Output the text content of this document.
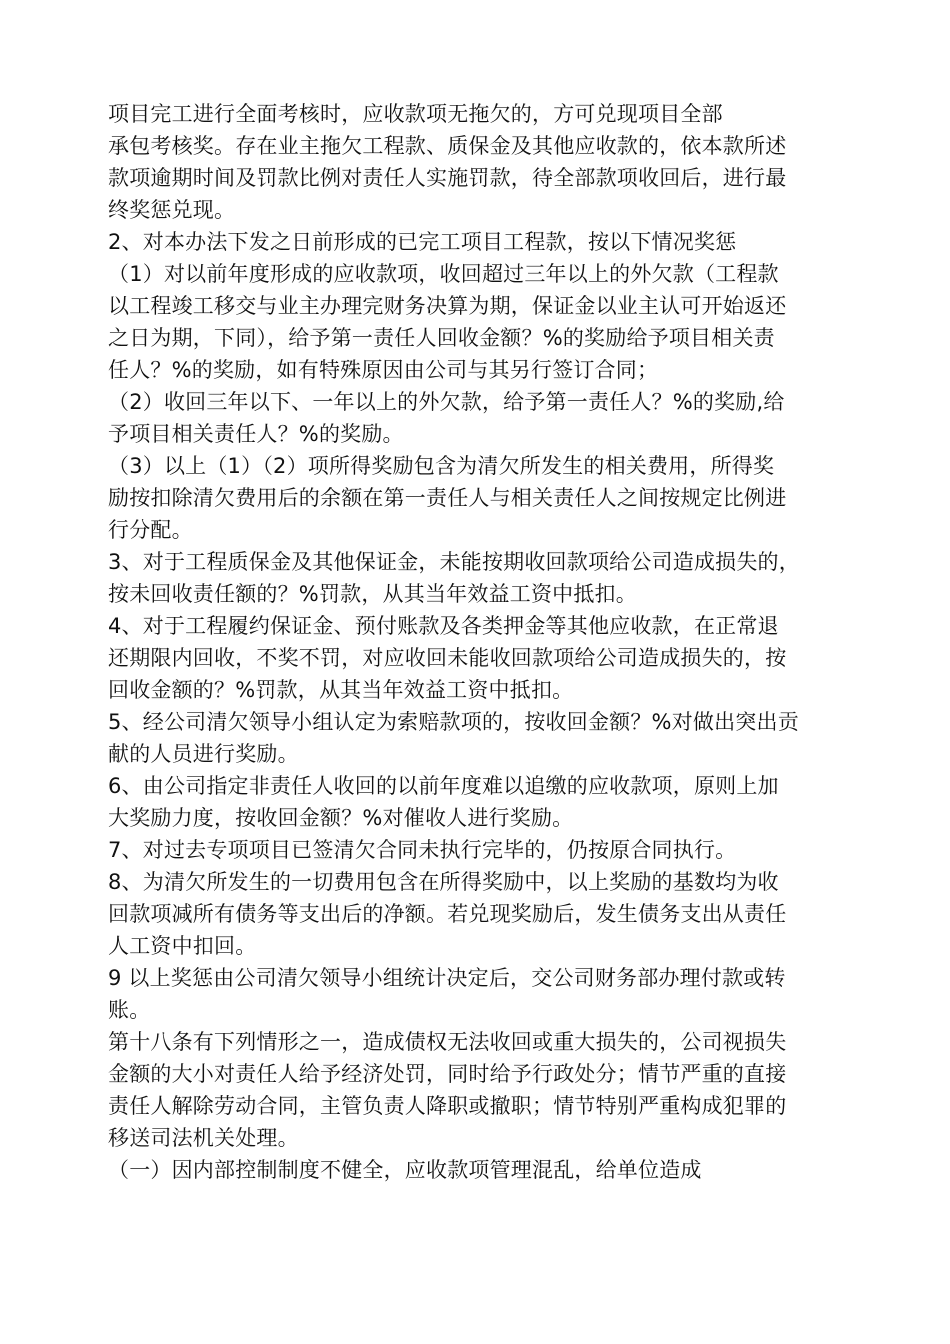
项目完工进行全面考核时，应收款项无拖欠的，方可兑现项目全部
承包考核奖。存在业主拖欠工程款、质保金及其他应收款的，依本款所述
款项逾期时间及罚款比例对责任人实施罚款，待全部款项收回后，进行最
终奖惩兑现。
2、对本办法下发之日前形成的已完工项目工程款，按以下情况奖惩
（1）对以前年度形成的应收款项，收回超过三年以上的外欠款（工程款
以工程竣工移交与业主办理完财务决算为期，保证金以业主认可开始返还
之日为期，下同），给予第一责任人回收金额？%的奖励给予项目相关责
任人？%的奖励，如有特殊原因由公司与其另行签订合同；
（2）收回三年以下、一年以上的外欠款，给予第一责任人？%的奖励,给
予项目相关责任人？%的奖励。
（3）以上（1）（2）项所得奖励包含为清欠所发生的相关费用，所得奖
励按扣除清欠费用后的余额在第一责任人与相关责任人之间按规定比例进
行分配。
3、对于工程质保金及其他保证金，未能按期收回款项给公司造成损失的，
按未回收责任额的？%罚款，从其当年效益工资中抵扣。
4、对于工程履约保证金、预付账款及各类押金等其他应收款，在正常退
还期限内回收，不奖不罚，对应收回未能收回款项给公司造成损失的，按
回收金额的？%罚款，从其当年效益工资中抵扣。
5、经公司清欠领导小组认定为索赔款项的，按收回金额？%对做出突出贡
献的人员进行奖励。
6、由公司指定非责任人收回的以前年度难以追缴的应收款项，原则上加
大奖励力度，按收回金额？%对催收人进行奖励。
7、对过去专项项目已签清欠合同未执行完毕的，仍按原合同执行。
8、为清欠所发生的一切费用包含在所得奖励中，以上奖励的基数均为收
回款项减所有债务等支出后的净额。若兑现奖励后，发生债务支出从责任
人工资中扣回。
9 以上奖惩由公司清欠领导小组统计决定后，交公司财务部办理付款或转
账。
第十八条有下列情形之一，造成债权无法收回或重大损失的，公司视损失
金额的大小对责任人给予经济处罚，同时给予行政处分；情节严重的直接
责任人解除劳动合同，主管负责人降职或撤职；情节特别严重构成犯罪的
移送司法机关处理。
（一）因内部控制制度不健全，应收款项管理混乱，给单位造成
